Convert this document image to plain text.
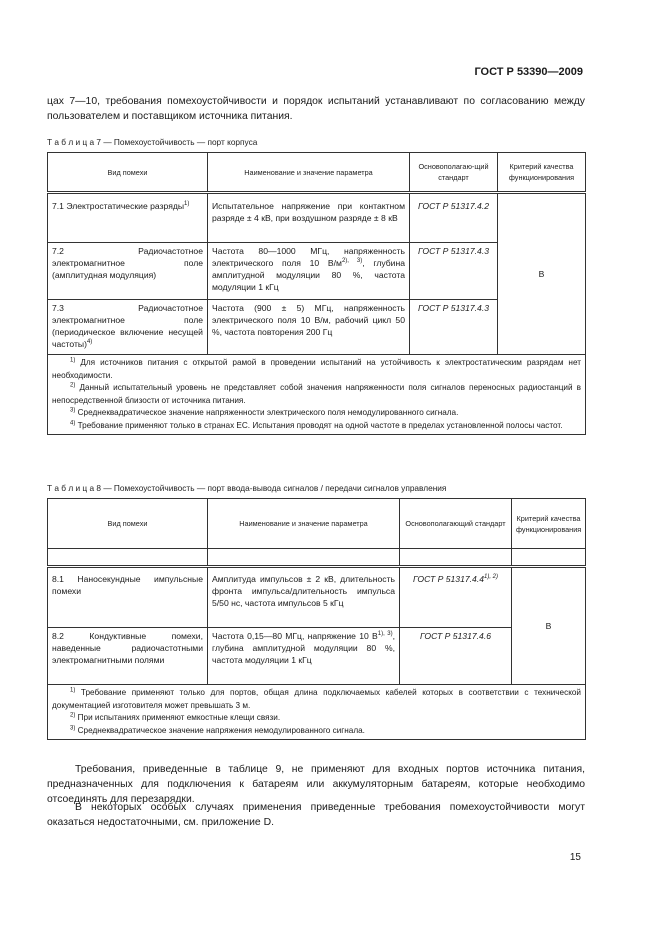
ГОСТ Р 53390—2009
цах 7—10, требования помехоустойчивости и порядок испытаний устанавливают по согласованию между пользователем и поставщиком источника питания.
Т а б л и ц а 7 — Помехоустойчивость — порт корпуса
Вид помехи	Наименование и значение параметра	Основополагаю-щий стандарт	Критерий качества функционирования
7.1 Электростатические разряды$^{1)}$	Испытательное напряжение при контактном разряде ± 4 кВ, при воздушном разряде ± 8 кВ	ГОСТ Р 51317.4.2	В
7.2 Радиочастотное электромагнитное поле (амплитудная модуляция)	Частота 80—1000 МГц, напряженность электрического поля 10 $В/м^{2), 3)}$, глубина амплитудной модуляции 80 %, частота модуляции 1 кГц	ГОСТ Р 51317.4.3	
7.3 Радиочастотное электромагнитное поле (периодическое включение несущей частоты)$^{4)}$	Частота (900 ± 5) МГц, напряженность электрического поля 10 В/м, рабочий цикл 50 %, частота повторения 200 Гц	ГОСТ Р 51317.4.3	

$^{1)}$ Для источников питания с открытой рамой в проведении испытаний на устойчивость к электростатическим разрядам нет необходимости.
$^{2)}$ Данный испытательный уровень не представляет собой значения напряженности поля сигналов переносных радиостанций в непосредственной близости от источника питания.
$^{3)}$ Среднеквадратическое значение напряженности электрического поля немодулированного сигнала.
$^{4)}$ Требование применяют только в странах ЕС. Испытания проводят на одной частоте в пределах установленной полосы частот.			
Т а б л и ц а 8 — Помехоустойчивость — порт ввода-вывода сигналов / передачи сигналов управления
Вид помехи	Наименование и значение параметра	Основополагающий стандарт	Критерий качества функционирования

8.1 Наносекундные импульсные помехи	Амплитуда импульсов ± 2 кВ, длительность фронта импульса/длительность импульса 5/50 нс, частота импульсов 5 кГц	ГОСТ Р $51317.4.4^{1), 2)}$	В
8.2 Кондуктивные помехи, наведенные радиочастотными электромагнитными полями	Частота 0,15—80 МГц, напряжение 10 $В^{1), 3)}$, глубина амплитудной модуляции 80 %, частота модуляции 1 кГц	ГОСТ Р 51317.4.6	

$^{1)}$ Требование применяют только для портов, общая длина подключаемых кабелей которых в соответствии с технической документацией изготовителя может превышать 3 м.
$^{2)}$ При испытаниях применяют емкостные клещи связи.
$^{3)}$ Среднеквадратическое значение напряжения немодулированного сигнала.			
Требования, приведенные в таблице 9, не применяют для входных портов источника питания, предназначенных для подключения к батареям или аккумуляторным батареям, которые необходимо отсоединять для перезарядки.
В некоторых особых случаях применения приведенные требования помехоустойчивости могут оказаться недостаточными, см. приложение D.
15
